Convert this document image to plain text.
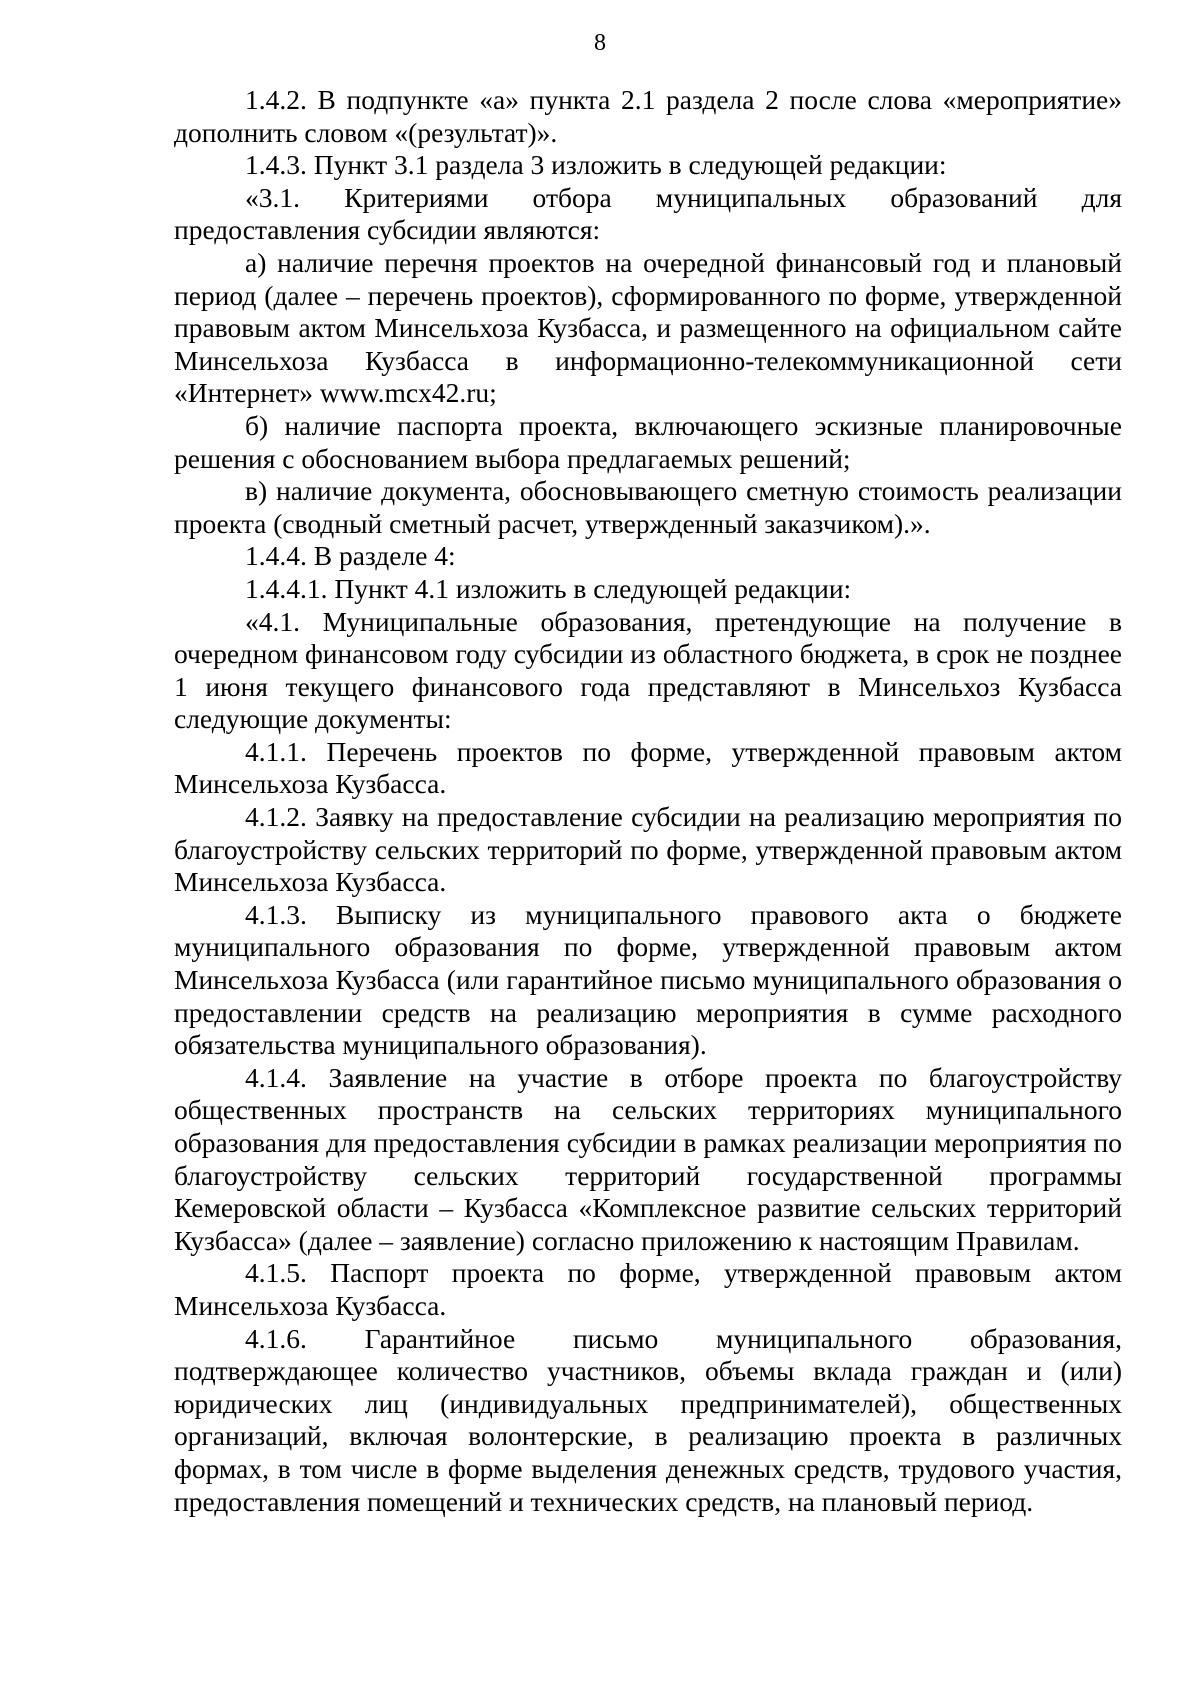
8

1.4.2. В подпункте «а» пункта 2.1 раздела 2 после слова «мероприятие» дополнить словом «(результат)».

1.4.3. Пункт 3.1 раздела 3 изложить в следующей редакции:

«3.1. Критериями отбора муниципальных образований для предоставления субсидии являются:

а) наличие перечня проектов на очередной финансовый год и плановый период (далее – перечень проектов), сформированного по форме, утвержденной правовым актом Минсельхоза Кузбасса, и размещенного на официальном сайте Минсельхоза Кузбасса в информационно-телекоммуникационной сети «Интернет» www.mcx42.ru;

б) наличие паспорта проекта, включающего эскизные планировочные решения с обоснованием выбора предлагаемых решений;

в) наличие документа, обосновывающего сметную стоимость реализации проекта (сводный сметный расчет, утвержденный заказчиком).».

1.4.4. В разделе 4:

1.4.4.1. Пункт 4.1 изложить в следующей редакции:

«4.1. Муниципальные образования, претендующие на получение в очередном финансовом году субсидии из областного бюджета, в срок не позднее 1 июня текущего финансового года представляют в Минсельхоз Кузбасса следующие документы:

4.1.1. Перечень проектов по форме, утвержденной правовым актом Минсельхоза Кузбасса.

4.1.2. Заявку на предоставление субсидии на реализацию мероприятия по благоустройству сельских территорий по форме, утвержденной правовым актом Минсельхоза Кузбасса.

4.1.3. Выписку из муниципального правового акта о бюджете муниципального образования по форме, утвержденной правовым актом Минсельхоза Кузбасса (или гарантийное письмо муниципального образования о предоставлении средств на реализацию мероприятия в сумме расходного обязательства муниципального образования).

4.1.4. Заявление на участие в отборе проекта по благоустройству общественных пространств на сельских территориях муниципального образования для предоставления субсидии в рамках реализации мероприятия по благоустройству сельских территорий государственной программы Кемеровской области – Кузбасса «Комплексное развитие сельских территорий Кузбасса» (далее – заявление) согласно приложению к настоящим Правилам.

4.1.5. Паспорт проекта по форме, утвержденной правовым актом Минсельхоза Кузбасса.

4.1.6. Гарантийное письмо муниципального образования, подтверждающее количество участников, объемы вклада граждан и (или) юридических лиц (индивидуальных предпринимателей), общественных организаций, включая волонтерские, в реализацию проекта в различных формах, в том числе в форме выделения денежных средств, трудового участия, предоставления помещений и технических средств, на плановый период.
